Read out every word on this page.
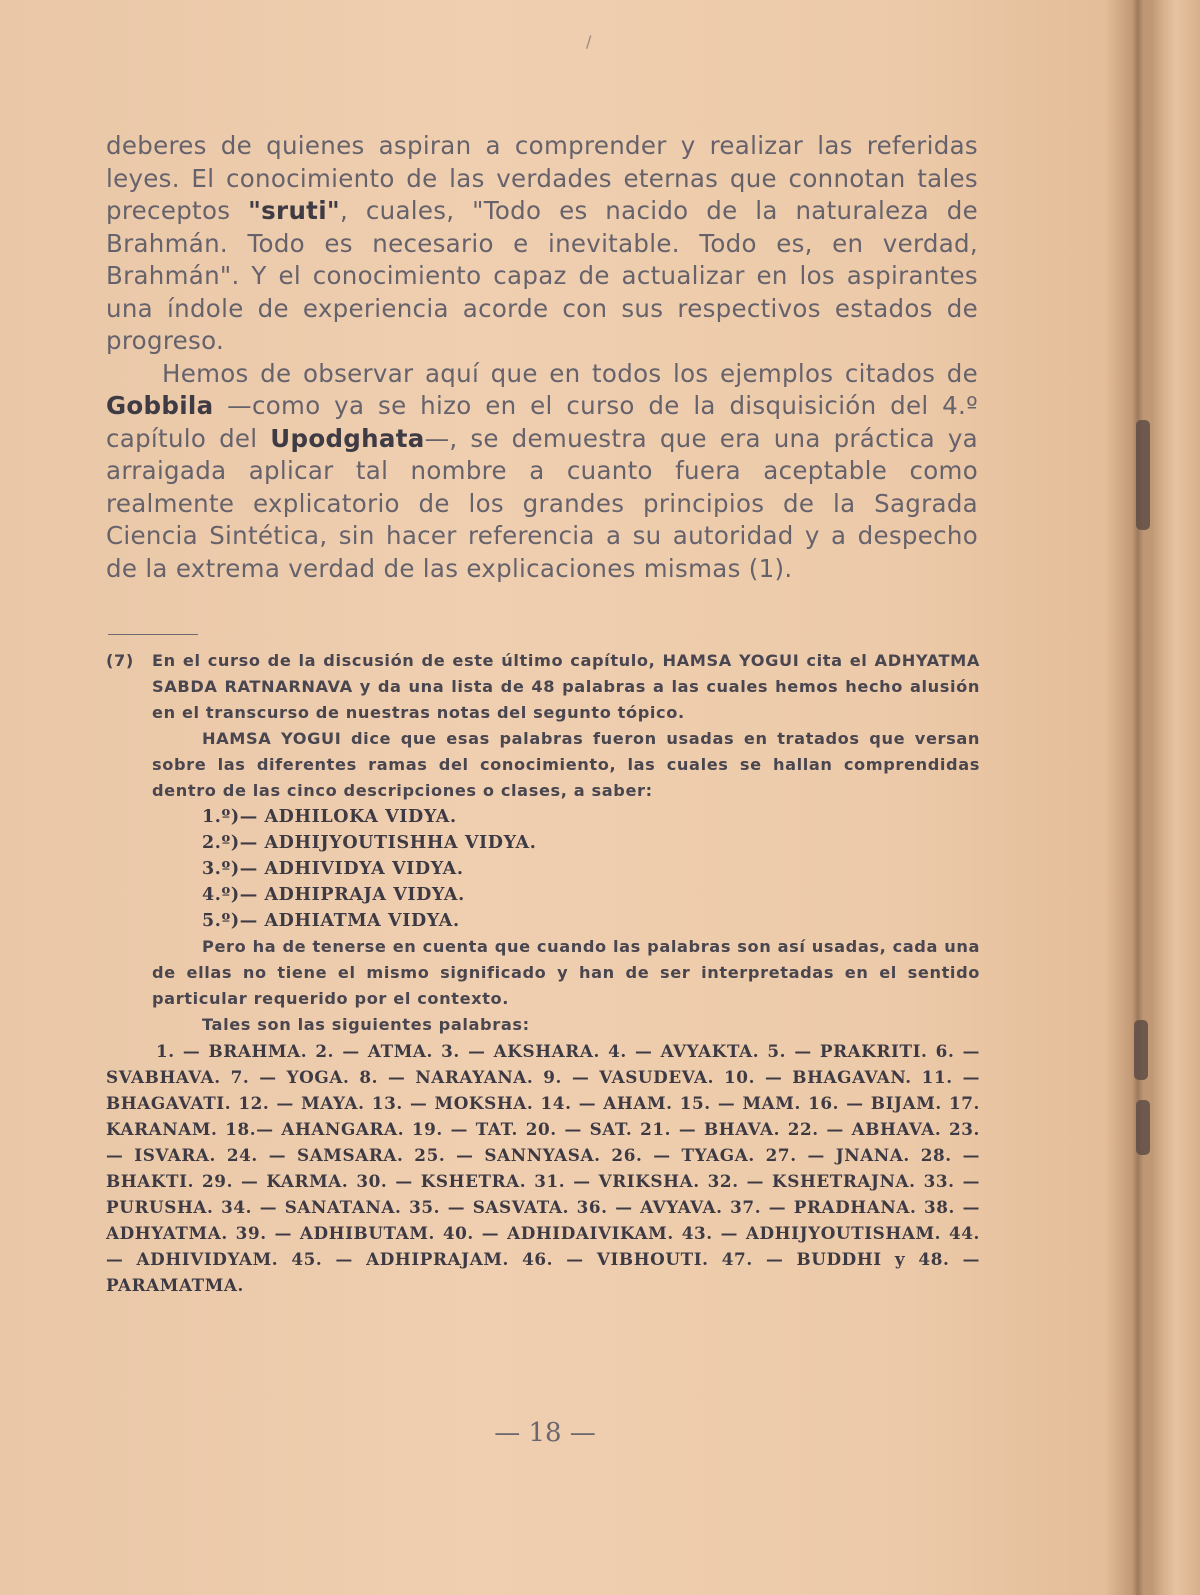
/

deberes de quienes aspiran a comprender y realizar las referidas leyes. El conocimiento de las verdades eternas que connotan tales preceptos "sruti", cuales, "Todo es nacido de la naturaleza de Brahmán. Todo es necesario e inevitable. Todo es, en verdad, Brahmán". Y el conocimiento capaz de actualizar en los aspirantes una índole de experiencia acorde con sus respectivos estados de progreso.

Hemos de observar aquí que en todos los ejemplos citados de Gobbila —como ya se hizo en el curso de la disquisición del 4.º capítulo del Upodghata—, se demuestra que era una práctica ya arraigada aplicar tal nombre a cuanto fuera aceptable como realmente explicatorio de los grandes principios de la Sagrada Ciencia Sintética, sin hacer referencia a su autoridad y a despecho de la extrema verdad de las explicaciones mismas (1).

(7)	En el curso de la discusión de este último capítulo, HAMSA YOGUI cita el ADHYATMA SABDA RATNARNAVA y da una lista de 48 palabras a las cuales hemos hecho alusión en el transcurso de nuestras notas del segunto tópico.

HAMSA YOGUI dice que esas palabras fueron usadas en tratados que versan sobre las diferentes ramas del conocimiento, las cuales se hallan comprendidas dentro de las cinco descripciones o clases, a saber:

1.º)— ADHILOKA VIDYA.
2.º)— ADHIJYOUTISHHA VIDYA.
3.º)— ADHIVIDYA VIDYA.
4.º)— ADHIPRAJA VIDYA.
5.º)— ADHIATMA VIDYA.

Pero ha de tenerse en cuenta que cuando las palabras son así usadas, cada una de ellas no tiene el mismo significado y han de ser interpretadas en el sentido particular requerido por el contexto.

Tales son las siguientes palabras:

1. — BRAHMA. 2. — ATMA. 3. — AKSHARA. 4. — AVYAKTA. 5. — PRAKRITI. 6. — SVABHAVA. 7. — YOGA. 8. — NARAYANA. 9. — VASUDEVA. 10. — BHAGAVAN. 11. — BHAGAVATI. 12. — MAYA. 13. — MOKSHA. 14. — AHAM. 15. — MAM. 16. — BIJAM. 17. KARANAM. 18.— AHANGARA. 19. — TAT. 20. — SAT. 21. — BHAVA. 22. — ABHAVA. 23. — ISVARA. 24. — SAMSARA. 25. — SANNYASA. 26. — TYAGA. 27. — JNANA. 28. — BHAKTI. 29. — KARMA. 30. — KSHETRA. 31. — VRIKSHA. 32. — KSHETRAJNA. 33. — PURUSHA. 34. — SANATANA. 35. — SASVATA. 36. — AVYAVA. 37. — PRADHANA. 38. — ADHYATMA. 39. — ADHIBUTAM. 40. — ADHIDAIVIKAM. 43. — ADHIJYOUTISHAM. 44. — ADHIVIDYAM. 45. — ADHIPRAJAM. 46. — VIBHOUTI. 47. — BUDDHI y 48. — PARAMATMA.

— 18 —
